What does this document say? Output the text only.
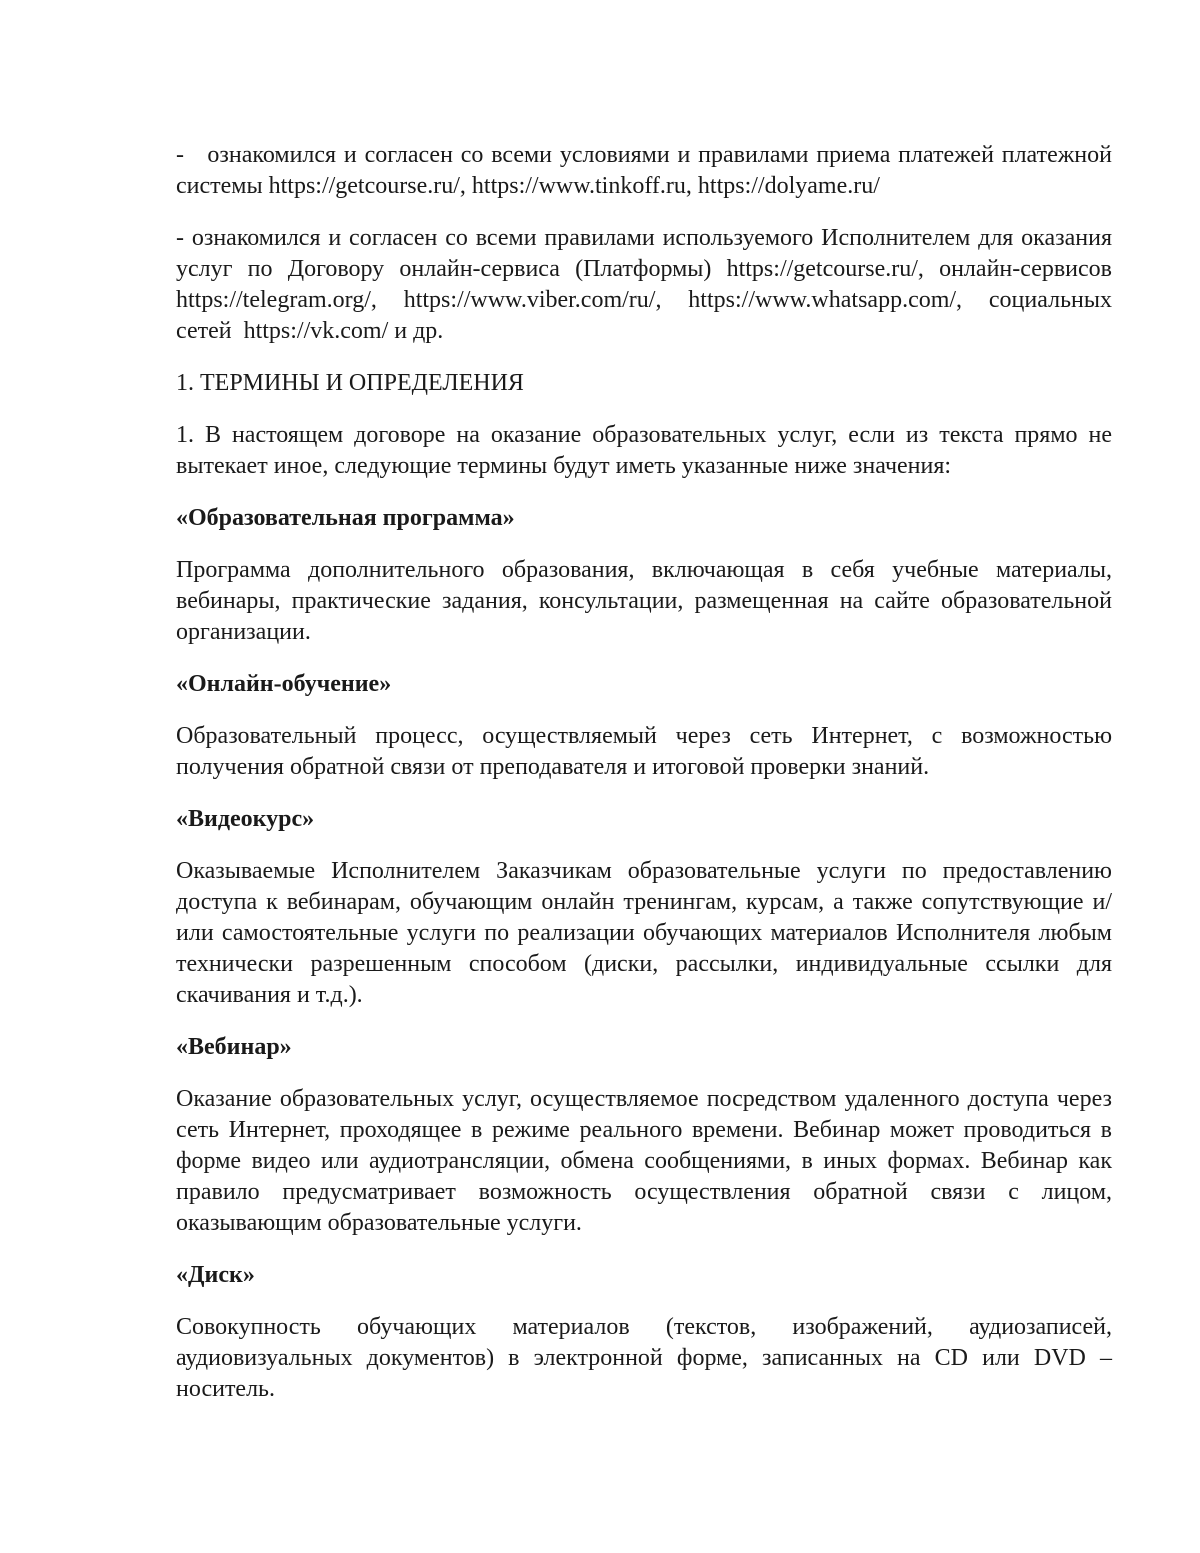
-   ознакомился и согласен со всеми условиями и правилами приема платежей платежной системы https://getcourse.ru/, https://www.tinkoff.ru, https://dolyame.ru/

- ознакомился и согласен со всеми правилами используемого Исполнителем для оказания услуг по Договору онлайн-сервиса (Платформы) https://getcourse.ru/, онлайн-сервисов https://telegram.org/, https://www.viber.com/ru/, https://www.whatsapp.com/, социальных сетей  https://vk.com/ и др.

1. ТЕРМИНЫ И ОПРЕДЕЛЕНИЯ

1. В настоящем договоре на оказание образовательных услуг, если из текста прямо не вытекает иное, следующие термины будут иметь указанные ниже значения:

«Образовательная программа»

Программа дополнительного образования, включающая в себя учебные материалы, вебинары, практические задания, консультации, размещенная на сайте образовательной организации.

«Онлайн-обучение»

Образовательный процесс, осуществляемый через сеть Интернет, с возможностью получения обратной связи от преподавателя и итоговой проверки знаний.

«Видеокурс»

Оказываемые Исполнителем Заказчикам образовательные услуги по предоставлению доступа к вебинарам, обучающим онлайн тренингам, курсам, а также сопутствующие и/или самостоятельные услуги по реализации обучающих материалов Исполнителя любым технически разрешенным способом (диски, рассылки, индивидуальные ссылки для скачивания и т.д.).

«Вебинар»

Оказание образовательных услуг, осуществляемое посредством удаленного доступа через сеть Интернет, проходящее в режиме реального времени. Вебинар может проводиться в форме видео или аудиотрансляции, обмена сообщениями, в иных формах. Вебинар как правило предусматривает возможность осуществления обратной связи с лицом, оказывающим образовательные услуги.

«Диск»

Совокупность обучающих материалов (текстов, изображений, аудиозаписей, аудиовизуальных документов) в электронной форме, записанных на CD или DVD – носитель.
